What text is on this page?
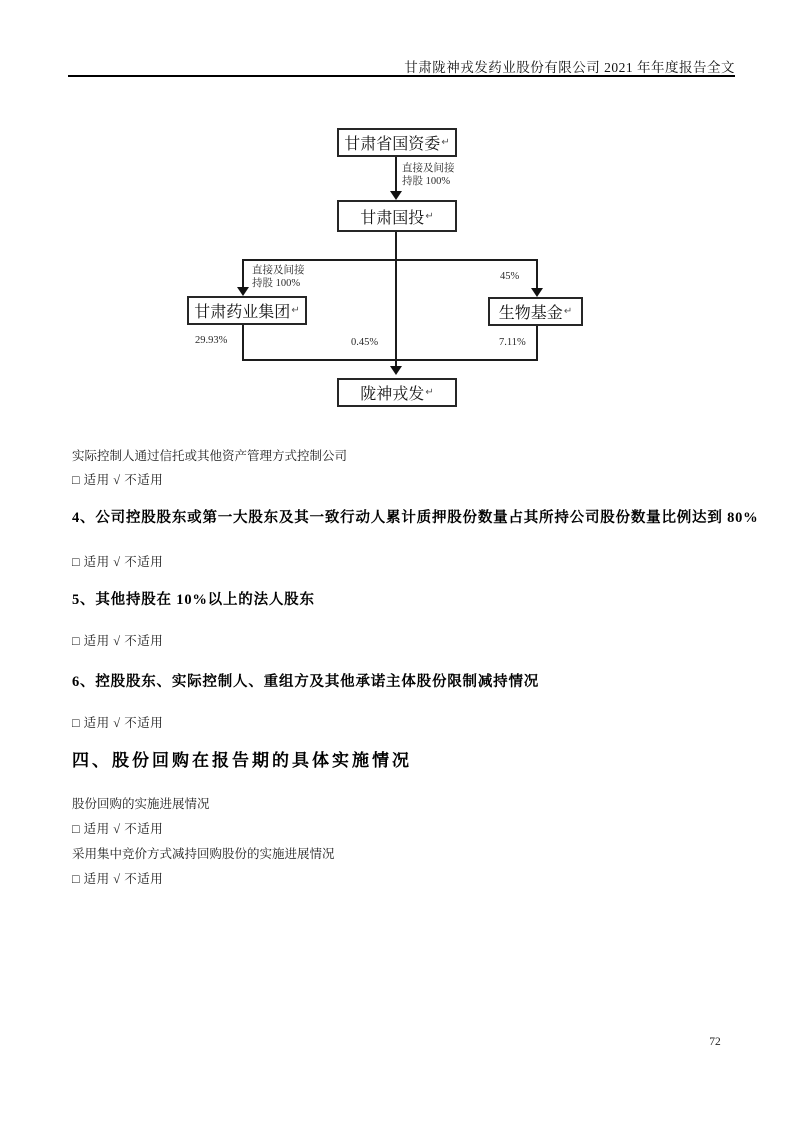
甘肃陇神戎发药业股份有限公司 2021 年年度报告全文
甘肃省国资委 ↵
直接及间接
持股 100%
甘肃国投 ↵
直接及间接
持股 100%
45%
甘肃药业集团 ↵	生物基金 ↵
29.93%	0.45%	7.11%
陇神戎发 ↵
实际控制人通过信托或其他资产管理方式控制公司
□ 适用 √ 不适用
4、公司控股股东或第一大股东及其一致行动人累计质押股份数量占其所持公司股份数量比例达到 80%
□ 适用 √ 不适用
5、其他持股在 10%以上的法人股东
□ 适用 √ 不适用
6、控股股东、实际控制人、重组方及其他承诺主体股份限制减持情况
□ 适用 √ 不适用
四、股份回购在报告期的具体实施情况
股份回购的实施进展情况
□ 适用 √ 不适用
采用集中竞价方式减持回购股份的实施进展情况
□ 适用 √ 不适用
72
